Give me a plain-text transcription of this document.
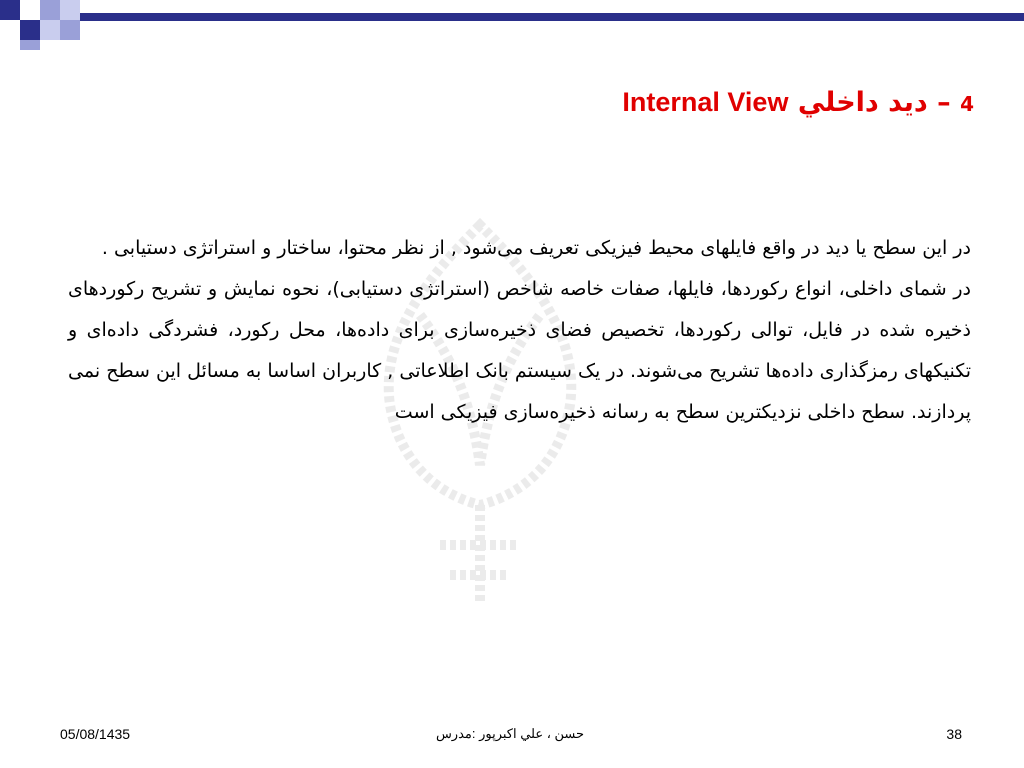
4 – ديد داخلي Internal View

در این سطح یا دید در واقع فایلهای محیط فیزیکی تعریف می‌شود , از نظر محتوا، ساختار و استراتژی دستیابی .

در شمای داخلی، انواع رکوردها، فایلها، صفات خاصه شاخص (استراتژی دستیابی)، نحوه نمایش و تشریح رکوردهای ذخیره شده در فایل، توالی رکوردها، تخصیص فضای ذخیره‌سازی برای داده‌ها، محل رکورد، فشردگی داده‌ای و تکنیکهای رمزگذاری داده‌ها تشریح می‌شوند. در یک سیستم بانک اطلاعاتی , کاربران اساسا به مسائل این سطح نمی پردازند. سطح داخلی نزدیکترین سطح به رسانه ذخیره‌سازی فیزیکی است

05/08/1435	حسن ، علي اكبرپور :مدرس	38
